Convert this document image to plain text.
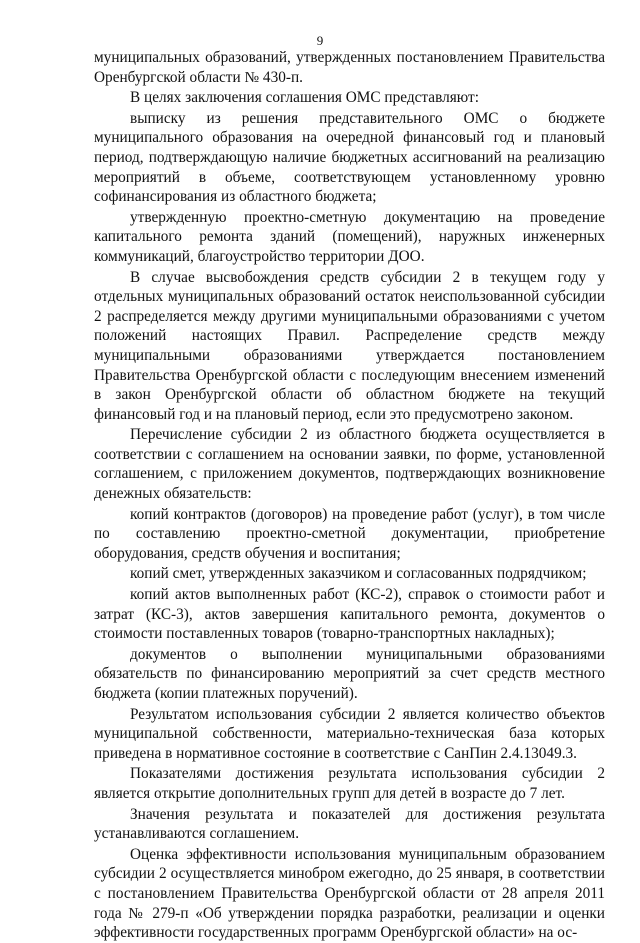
9

муниципальных образований, утвержденных постановлением Правительства Оренбургской области № 430-п.

В целях заключения соглашения ОМС представляют:

выписку из решения представительного ОМС о бюджете муниципального образования на очередной финансовый год и плановый период, подтверждающую наличие бюджетных ассигнований на реализацию мероприятий в объеме, соответствующем установленному уровню софинансирования из областного бюджета;

утвержденную проектно-сметную документацию на проведение капитального ремонта зданий (помещений), наружных инженерных коммуникаций, благоустройство территории ДОО.

В случае высвобождения средств субсидии 2 в текущем году у отдельных муниципальных образований остаток неиспользованной субсидии 2 распределяется между другими муниципальными образованиями с учетом положений настоящих Правил. Распределение средств между муниципальными образованиями утверждается постановлением Правительства Оренбургской области с последующим внесением изменений в закон Оренбургской области об областном бюджете на текущий финансовый год и на плановый период, если это предусмотрено законом.

Перечисление субсидии 2 из областного бюджета осуществляется в соответствии с соглашением на основании заявки, по форме, установленной соглашением, с приложением документов, подтверждающих возникновение денежных обязательств:

копий контрактов (договоров) на проведение работ (услуг), в том числе по составлению проектно-сметной документации, приобретение оборудования, средств обучения и воспитания;

копий смет, утвержденных заказчиком и согласованных подрядчиком;

копий актов выполненных работ (КС-2), справок о стоимости работ и затрат (КС-3), актов завершения капитального ремонта, документов о стоимости поставленных товаров (товарно-транспортных накладных);

документов о выполнении муниципальными образованиями обязательств по финансированию мероприятий за счет средств местного бюджета (копии платежных поручений).

Результатом использования субсидии 2 является количество объектов муниципальной собственности, материально-техническая база которых приведена в нормативное состояние в соответствие с СанПин 2.4.13049.3.

Показателями достижения результата использования субсидии 2 является открытие дополнительных групп для детей в возрасте до 7 лет.

Значения результата и показателей для достижения результата устанавливаются соглашением.

Оценка эффективности использования муниципальным образованием субсидии 2 осуществляется минобром ежегодно, до 25 января, в соответствии с постановлением Правительства Оренбургской области от 28 апреля 2011 года № 279-п «Об утверждении порядка разработки, реализации и оценки эффективности государственных программ Оренбургской области» на ос-
